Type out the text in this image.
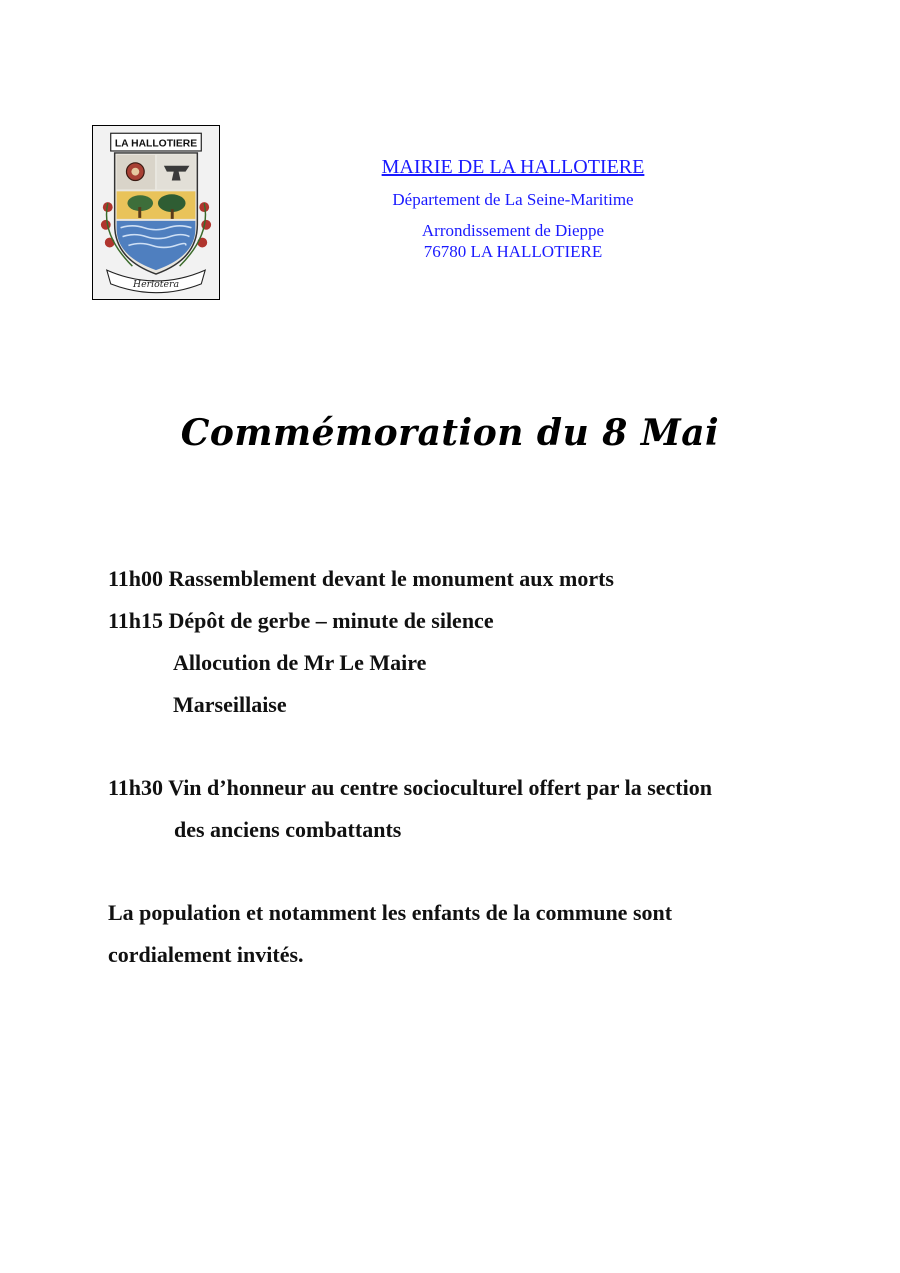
LA HALLOTIERE
Herlotera
MAIRIE DE LA HALLOTIERE
Département de La Seine-Maritime
Arrondissement de Dieppe
76780 LA HALLOTIERE
Commémoration du 8 Mai
11h00 Rassemblement devant le monument aux morts
11h15 Dépôt de gerbe – minute de silence
Allocution de Mr Le Maire
Marseillaise
11h30 Vin d’honneur au centre socioculturel offert par la section
des anciens combattants
La population et notamment les enfants de la commune sont
cordialement invités.
